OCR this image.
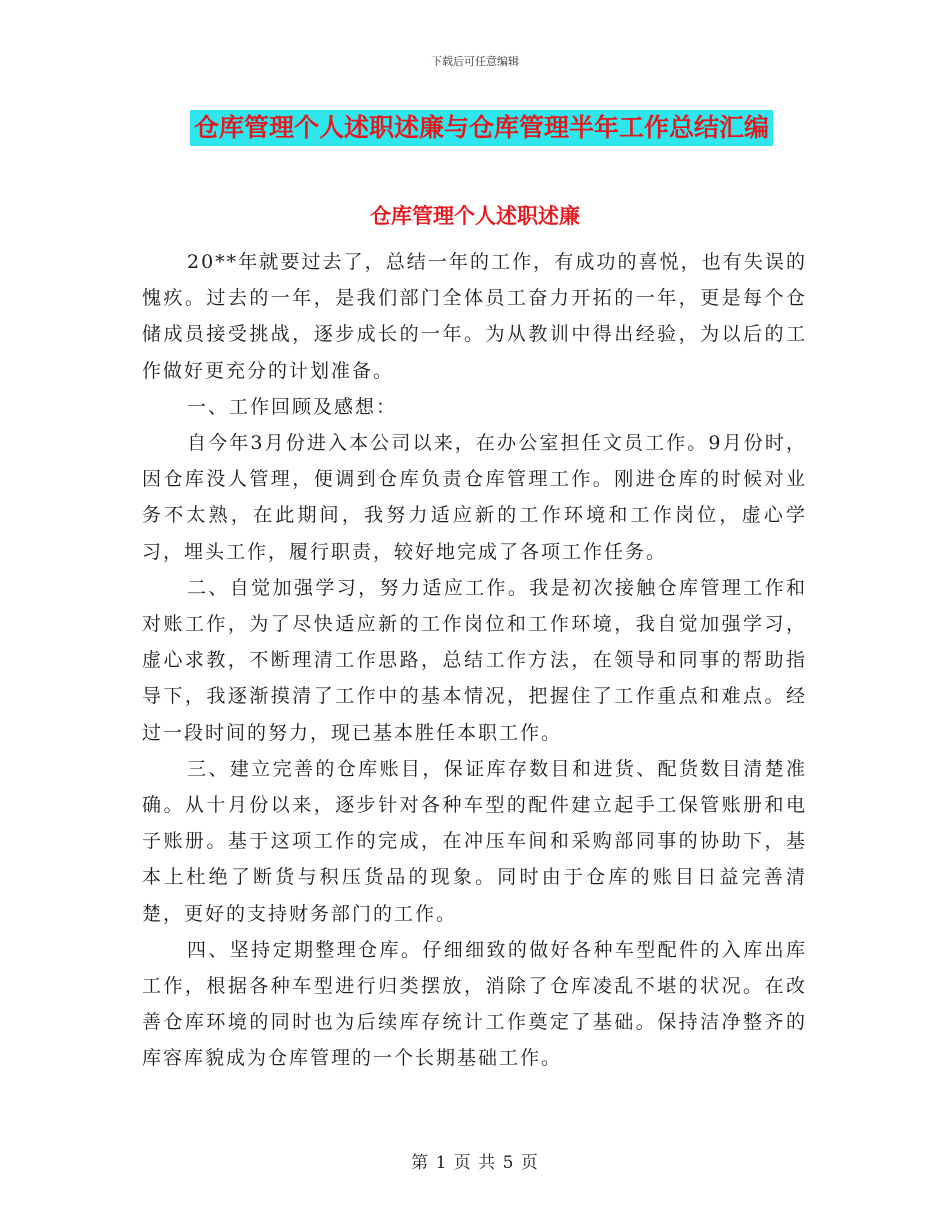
下载后可任意编辑
仓库管理个人述职述廉与仓库管理半年工作总结汇编
仓库管理个人述职述廉

20**年就要过去了，总结一年的工作，有成功的喜悦，也有失误的愧疚。过去的一年，是我们部门全体员工奋力开拓的一年，更是每个仓储成员接受挑战，逐步成长的一年。为从教训中得出经验，为以后的工作做好更充分的计划准备。

一、工作回顾及感想：

自今年3月份进入本公司以来，在办公室担任文员工作。9月份时，因仓库没人管理，便调到仓库负责仓库管理工作。刚进仓库的时候对业务不太熟，在此期间，我努力适应新的工作环境和工作岗位，虚心学习，埋头工作，履行职责，较好地完成了各项工作任务。

二、自觉加强学习，努力适应工作。我是初次接触仓库管理工作和对账工作，为了尽快适应新的工作岗位和工作环境，我自觉加强学习，虚心求教，不断理清工作思路，总结工作方法，在领导和同事的帮助指导下，我逐渐摸清了工作中的基本情况，把握住了工作重点和难点。经过一段时间的努力，现已基本胜任本职工作。

三、建立完善的仓库账目，保证库存数目和进货、配货数目清楚准确。从十月份以来，逐步针对各种车型的配件建立起手工保管账册和电子账册。基于这项工作的完成，在冲压车间和采购部同事的协助下，基本上杜绝了断货与积压货品的现象。同时由于仓库的账目日益完善清楚，更好的支持财务部门的工作。

四、坚持定期整理仓库。仔细细致的做好各种车型配件的入库出库工作，根据各种车型进行归类摆放，消除了仓库凌乱不堪的状况。在改善仓库环境的同时也为后续库存统计工作奠定了基础。保持洁净整齐的库容库貌成为仓库管理的一个长期基础工作。

第 1 页 共 5 页
